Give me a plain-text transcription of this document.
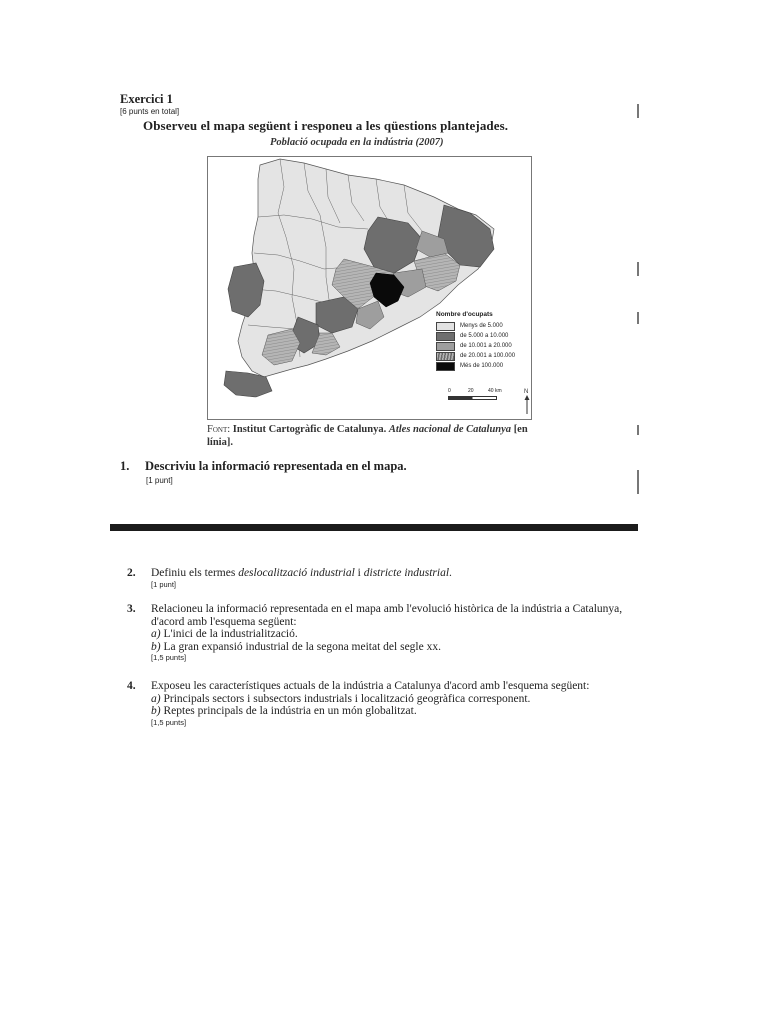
Exercici 1
[6 punts en total]
Observeu el mapa següent i responeu a les qüestions plantejades.
Població ocupada en la indústria (2007)
Nombre d'ocupats
Menys de 5.000
de 5.000 a 10.000
de 10.001 a 20.000
de 20.001 a 100.000
Més de 100.000
0	20	40 km	N
Font: Institut Cartogràfic de Catalunya. Atles nacional de Catalunya [en línia].
1. Descriviu la informació representada en el mapa.
[1 punt]
2. Definiu els termes deslocalització industrial i districte industrial.
[1 punt]
3. Relacioneu la informació representada en el mapa amb l'evolució històrica de la indústria a Catalunya, d'acord amb l'esquema següent:
a) L'inici de la industrialització.
b) La gran expansió industrial de la segona meitat del segle xx.
[1,5 punts]
4. Exposeu les característiques actuals de la indústria a Catalunya d'acord amb l'esquema següent:
a) Principals sectors i subsectors industrials i localització geogràfica corresponent.
b) Reptes principals de la indústria en un món globalitzat.
[1,5 punts]
